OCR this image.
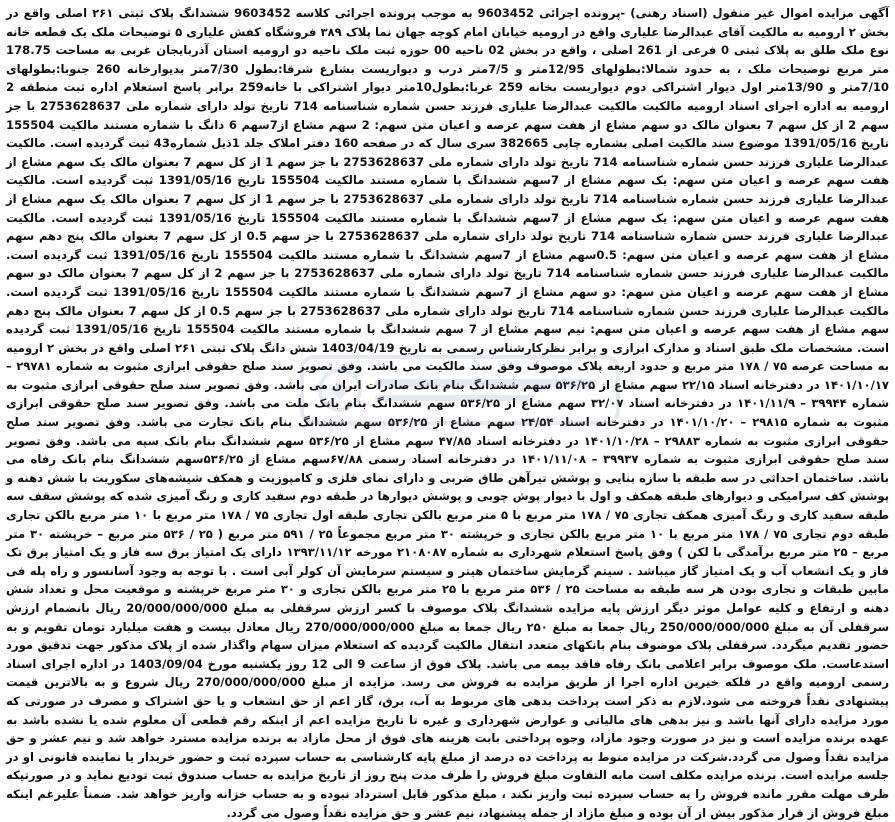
آگهی مزایده اموال غیر منقول (اسناد رهنی) -پرونده اجرائی 9603452 به موجب پرونده اجرائی کلاسه 9603452 ششدانگ پلاک ثبتی ۲۶۱ اصلی واقع در بخش ۲ ارومیه به مالکیت آقای عبدالرضا علیاری واقع در ارومیه خیابان امام کوچه جهان نما پلاک ۳۸۹ فروشگاه کفش علیاری ۵ توضیحات ملک یک قطعه خانه نوع ملک طلق به پلاک ثبتی 0 فرعی از 261 اصلی ، واقع در بخش 02 ناحیه 00 حوزه ثبت ملک ناحیه دو ارومیه استان آذربایجان غربی به مساحت 178.75 متر مربع توضیحات ملک ، به حدود شمالا:بطولهای 12/95متر و 7/5متر درب و دیواریست بشارع شرقا:بطول 7/30متر بدیوارخانه 260 جنوبا:بطولهای 7/10متر و 13/90متر اول دیوار اشتراکی دوم دیواریست بخانه 259 غربا:بطول10متر دیوار اشتراکی با خانه259 برابر پاسخ استعلام اداره ثبت منطقه 2 ارومیه به اداره اجرای اسناد ارومیه مالکیت مالکیت عبدالرضا علیاری فرزند حسن شماره شناسنامه 714 تاریخ تولد دارای شماره ملی 2753628637 با جز سهم 2 از کل سهم 7 بعنوان مالک دو سهم مشاع از هفت سهم عرصه و اعیان متن سهم: 2 سهم مشاع از7سهم 6 دانگ با شماره مستند مالکیت 155504 تاریخ 1391/05/16 موضوع سند مالکیت اصلی بشماره چاپی 382665 سری سال که در صفحه 160 دفتر املاک جلد 1ذیل شماره43 ثبت گردیده است. مالکیت عبدالرضا علیاری فرزند حسن شماره شناسنامه 714 تاریخ تولد دارای شماره ملی 2753628637 با جز سهم 1 از کل سهم 7 بعنوان مالک یک سهم مشاع از هفت سهم عرصه و اعیان متن سهم: یک سهم مشاع از 7سهم ششدانگ با شماره مستند مالکیت 155504 تاریخ 1391/05/16 ثبت گردیده است. مالکیت عبدالرضا علیاری فرزند حسن شماره شناسنامه 714 تاریخ تولد دارای شماره ملی 2753628637 با جز سهم 1 از کل سهم 7 بعنوان مالک یک سهم مشاع از هفت سهم عرصه و اعیان متن سهم: یک سهم مشاع از 7سهم ششدانگ با شماره مستند مالکیت 155504 تاریخ 1391/05/16 ثبت گردیده است. مالکیت عبدالرضا علیاری فرزند حسن شماره شناسنامه 714 تاریخ تولد دارای شماره ملی 2753628637 با جز سهم 0.5 از کل سهم 7 بعنوان مالک پنج دهم سهم مشاع از هفت سهم عرصه و اعیان متن سهم: 0.5سهم مشاع از 7سهم ششدانگ با شماره مستند مالکیت 155504 تاریخ 1391/05/16 ثبت گردیده است. مالکیت عبدالرضا علیاری فرزند حسن شماره شناسنامه 714 تاریخ تولد دارای شماره ملی 2753628637 با جز سهم 2 از کل سهم 7 بعنوان مالک دو سهم مشاع از هفت سهم عرصه و اعیان متن سهم: دو سهم مشاع از 7سهم ششدانگ با شماره مستند مالکیت 155504 تاریخ 1391/05/16 ثبت گردیده است. مالکیت عبدالرضا علیاری فرزند حسن شماره شناسنامه 714 تاریخ تولد دارای شماره ملی 2753628637 با جز سهم 0.5 از کل سهم 7 بعنوان مالک پنج دهم سهم مشاع از هفت سهم عرصه و اعیان متن سهم: نیم سهم مشاع از 7 سهم ششدانگ با شماره مستند مالکیت 155504 تاریخ 1391/05/16 ثبت گردیده است. مشخصات ملک طبق اسناد و مدارک ابرازی و برابر نظرکارشناس رسمی به تاریخ 1403/04/19 شش دانگ پلاک ثبتی ۲۶۱ اصلی واقع در بخش ۲ ارومیه به مساحت عرصه ۷۵ / ۱۷۸ متر مربع و حدود اربعه پلاک موصوف وفق سند مالکیت می باشد. وفق تصویر سند صلح حقوقی ابرازی مثبوت به شماره ۲۹۷۸۱ – ۱۴۰۱/۱۰/۱۷ در دفترخانه اسناد ۲۲/۱۵ سهم مشاع از ۵۳۶/۲۵ سهم ششدانگ بنام بانک صادرات ایران می باشد. وفق تصویر سند صلح حقوقی ابرازی مثبوت به شماره ۳۹۹۴۴ – ۱۴۰۱/۱۱/۹ در دفترخانه اسناد ۳۲/۰۷ سهم مشاع از ۵۳۶/۲۵ سهم ششدانگ بنام بانک ملت می باشد. وفق تصویر سند صلح حقوقی ابرازی مثبوت به شماره ۲۹۸۱۵ – ۱۴۰۱/۱۰/۲۰ در دفترخانه اسناد ۲۴/۵۴ سهم مشاع از ۵۳۶/۲۵ سهم ششدانگ بنام بانک تجارت می باشد. وفق تصویر سند صلح حقوقی ابرازی مثبوت به شماره ۲۹۸۸۳ – ۱۴۰۱/۱۰/۲۸ در دفترخانه اسناد ۴۷/۸۵ سهم مشاع از ۵۳۶/۲۵ سهم ششدانگ بنام بانک سپه می باشد. وفق تصویر سند صلح حقوقی ابرازی مثبوت به شماره ۳۹۹۳۷ – ۱۴۰۱/۱۱/۰۸ در دفترخانه اسناد رسمی ۶۷/۸۸سهم مشاع از ۵۳۶/۲۵سهم ششدانگ بنام بانک رفاه می باشد. ساختمان احداثی در سه طبقه با سازه بنایی و پوشش تیرآهن طاق ضربی و دارای نمای فلزی و کامپوزیت و همکف شیشه‌های سکوریت با شش دهنه و پوشش کف سرامیکی و دیوارهای طبقه همکف و اول با دیوار پوش چوبی و پوشش دیوارها در طبقه دوم سفید کاری و رنگ آمیزی شده که پوشش سقف سه طبقه سفید کاری و رنگ آمیزی همکف تجاری ۷۵ / ۱۷۸ متر مربع با ۵ متر مربع بالکن تجاری طبقه اول تجاری ۷۵ / ۱۷۸ متر مربع با ۱۰ متر مربع بالکن تجاری طبقه دوم تجاری ۷۵ / ۱۷۸ متر مربع با ۱۰ متر مربع بالکن تجاری و خرپشته ۳۰ متر مربع مجموعاً ۲۵ / ۵۹۱ متر مربع ( ۲۵ / ۵۳۶ متر مربع – خرپشته ۳۰ متر مربع – ۲۵ متر مربع برآمدگی با لکن ) وفق پاسخ استعلام شهرداری به شماره ۲۱۰۸۰۸۷ مورخه ۱۳۹۳/۱۱/۱۲ دارای یک امتیاز برق سه فاز و یک امتیاز برق تک فاز و یک انشعاب آب و یک امتیاز گاز میباشد . سیتم گرمایش ساختمان هیتر و سیستم سرمایش آن کولر آبی است . با توجه به وجود آسانسور و راه پله فی مابین طبقات و تجاری بودن هر سه طبقه به مساحت ۲۵ / ۵۳۶ متر مربع با ۲۵ متر مربع بالکن تجاری و ۳۰ متر مربع خرپشته و موقعیت محل و تعداد شش دهنه و ارتفاع و کلیه عوامل موثر دیگر ارزش پایه مزایده ششدانگ پلاک موصوف با کسر ارزش سرقفلی به مبلغ 20/000/000/000 ریال بانضمام ارزش سرقفلی آن به مبلغ 250/000/000/000 ریال جمعا به مبلغ ۲۵۰ ریال جمعا به مبلغ 270/000/000/000 ریال معادل بیست و هفت میلیارد تومان تقویم و به حضور تقدیم میگردد. سرقفلی پلاک موصوف بنام بانکهای متعدد انتقال مالکیت گردیده که استعلام میزان سهام واگذار شده از پلاک مذکور جهت تدقیق مورد استدعاست. ملک موصوف برابر اعلامی بانک رفاه فاقد بیمه می باشد. پلاک فوق از ساعت 9 الی 12 روز یکشنبه مورخ 1403/09/04 در اداره اجرای اسناد رسمی ارومیه واقع در فلکه خیرین اداره اجرا از طریق مزایده به فروش می رسد. مزایده از مبلغ 270/000/000/000 ریال شروع و به بالاترین قیمت پیشنهادی نقداً فروخته می شود.لازم به ذکر است پرداخت بدهی های مربوط به آب، برق، گاز اعم از حق انشعاب و یا حق اشتراک و مصرف در صورتی که مورد مزایده دارای آنها باشد و نیز بدهی های مالیاتی و عوارض شهرداری و غیره تا تاریخ مزایده اعم از اینکه رقم قطعی آن معلوم شده یا نشده باشد به عهده برنده مزایده است و نیز در صورت وجود مازاد، وجوه پرداختی بابت هزینه های فوق از محل مازاد به برنده مزایده مسترد خواهد شد و نیم عشر و حق مزایده نقداً وصول می گردد.شرکت در مزایده منوط به پرداخت ده درصد از مبلغ پایه کارشناسی به حساب سپرده ثبت و حضور خریدار یا نماینده قانونی او در جلسه مزایده است. برنده مزایده مکلف است مابه التفاوت مبلغ فروش را ظرف مدت پنج روز از تاریخ مزایده به حساب صندوق ثبت تودیع نماید و در صورتیکه ظرف مهلت مقرر مانده فروش را به حساب سپرده ثبت واریز نکند ، مبلغ مذکور قابل استرداد نبوده و به حساب خزانه واریز خواهد شد. ضمناً علیرغم اینکه مبلغ فروش از قرار مذکور بیش از آن بوده و مبلغ مازاد از جمله پیشنهاد، نیم عشر و حق مزایده نقداً وصول می گردد.
